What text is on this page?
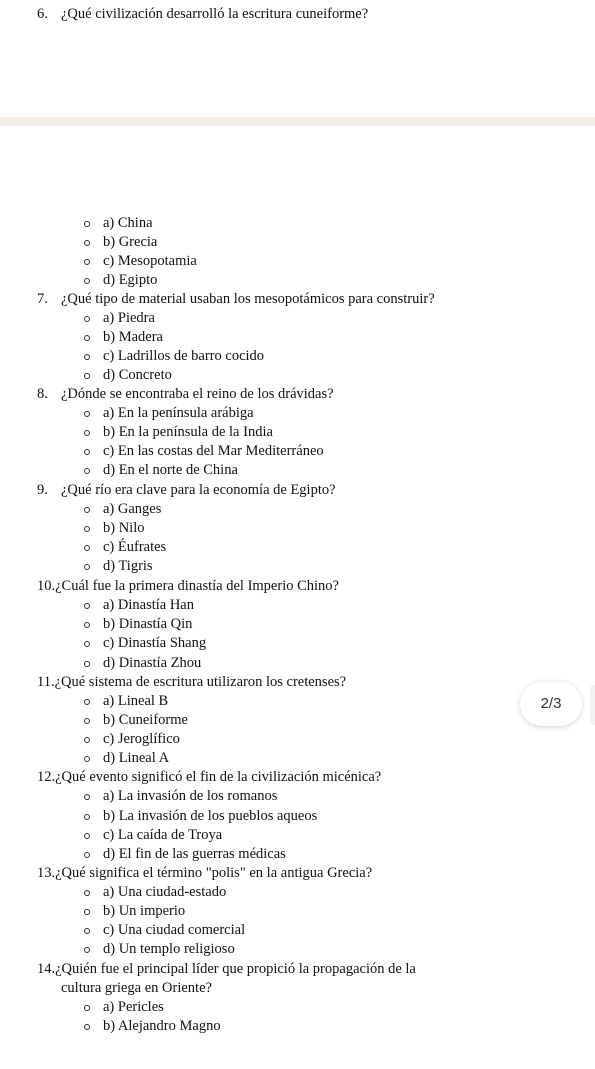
6. ¿Qué civilización desarrolló la escritura cuneiforme?
a) China
b) Grecia
c) Mesopotamia
d) Egipto
7. ¿Qué tipo de material usaban los mesopotámicos para construir?
a) Piedra
b) Madera
c) Ladrillos de barro cocido
d) Concreto
8. ¿Dónde se encontraba el reino de los drávidas?
a) En la península arábiga
b) En la península de la India
c) En las costas del Mar Mediterráneo
d) En el norte de China
9. ¿Qué río era clave para la economía de Egipto?
a) Ganges
b) Nilo
c) Éufrates
d) Tigris
10.¿Cuál fue la primera dinastía del Imperio Chino?
a) Dinastía Han
b) Dinastía Qin
c) Dinastía Shang
d) Dinastía Zhou
11.¿Qué sistema de escritura utilizaron los cretenses?
a) Lineal B
b) Cuneiforme
c) Jeroglífico
d) Lineal A
12.¿Qué evento significó el fin de la civilización micénica?
a) La invasión de los romanos
b) La invasión de los pueblos aqueos
c) La caída de Troya
d) El fin de las guerras médicas
13.¿Qué significa el término "polis" en la antigua Grecia?
a) Una ciudad-estado
b) Un imperio
c) Una ciudad comercial
d) Un templo religioso
14.¿Quién fue el principal líder que propició la propagación de la
cultura griega en Oriente?
a) Pericles
b) Alejandro Magno
2/3
